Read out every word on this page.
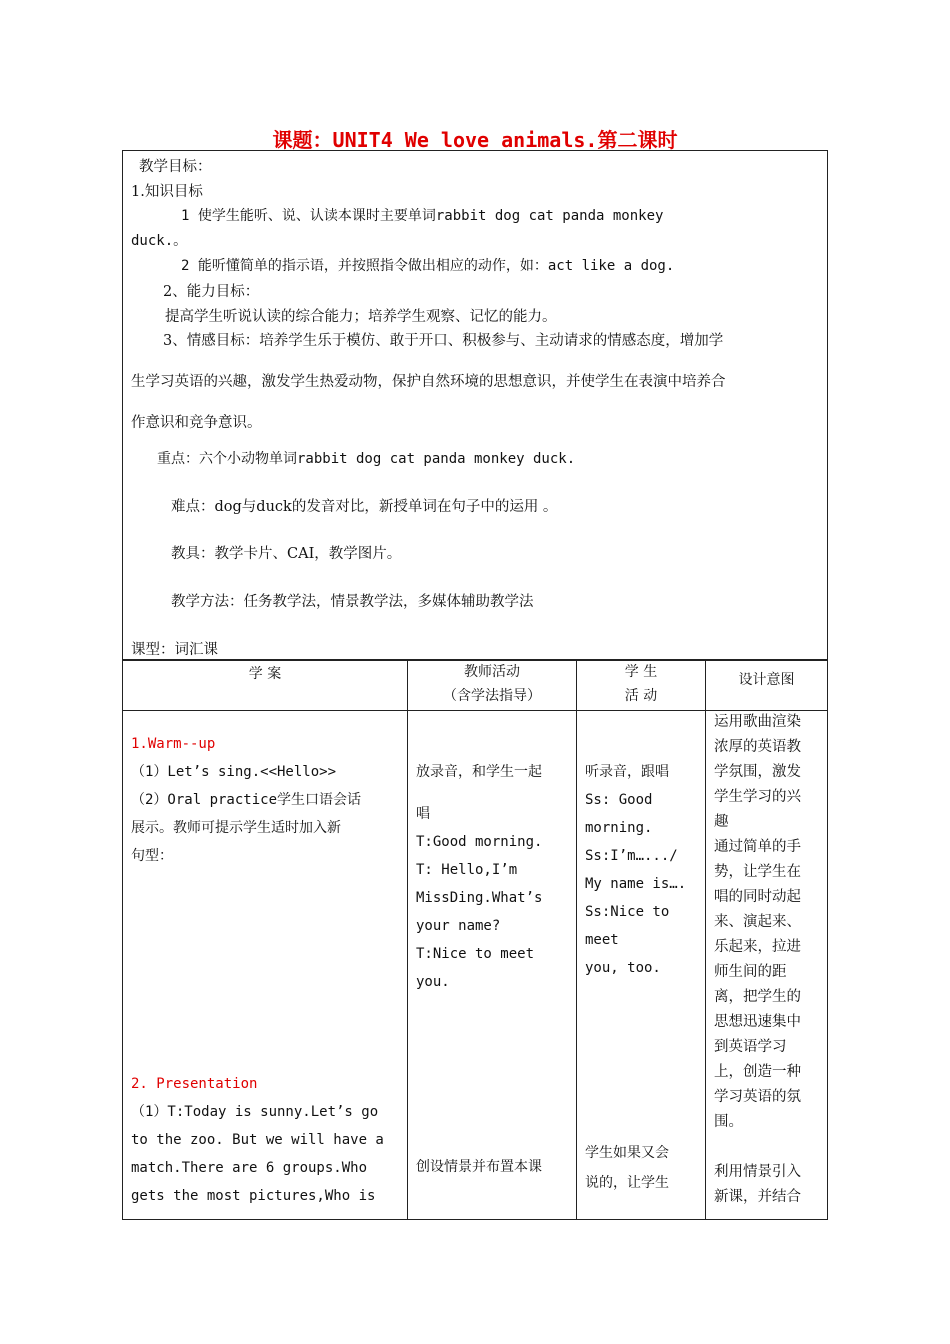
课题：UNIT4 We love animals.第二课时
教学目标：
1.知识目标
1 使学生能听、说、认读本课时主要单词rabbit dog cat panda monkey
duck.。
2 能听懂简单的指示语，并按照指令做出相应的动作，如：act like a dog.
2、能力目标：
提高学生听说认读的综合能力；培养学生观察、记忆的能力。
3、情感目标：培养学生乐于模仿、敢于开口、积极参与、主动请求的情感态度，增加学
生学习英语的兴趣，激发学生热爱动物，保护自然环境的思想意识，并使学生在表演中培养合
作意识和竞争意识。
重点：六个小动物单词rabbit dog cat panda monkey duck.
难点：dog与duck的发音对比，新授单词在句子中的运用 。
教具：教学卡片、CAI，教学图片。
教学方法：任务教学法，情景教学法，多媒体辅助教学法
课型：词汇课
学 案	教师活动
（含学法指导）
学 生
活 动
设计意图
1.Warm--up
（1）Let’s sing.<<Hello>>
（2）Oral practice学生口语会话
展示。教师可提示学生适时加入新
句型：
2. Presentation
（1）T:Today is sunny.Let’s go
to the zoo. But we will have a
match.There are 6 groups.Who
gets the most pictures,Who is
放录音，和学生一起
唱
T:Good morning.
T: Hello,I’m
MissDing.What’s
your name?
T:Nice to meet
you.
创设情景并布置本课
听录音，跟唱
Ss: Good
morning.
Ss:I’m….../
My name is….
Ss:Nice to
meet
you, too.
学生如果又会
说的，让学生
运用歌曲渲染
浓厚的英语教
学氛围，激发
学生学习的兴
趣
通过简单的手
势，让学生在
唱的同时动起
来、演起来、
乐起来，拉进
师生间的距
离，把学生的
思想迅速集中
到英语学习
上，创造一种
学习英语的氛
围。

利用情景引入
新课，并结合
